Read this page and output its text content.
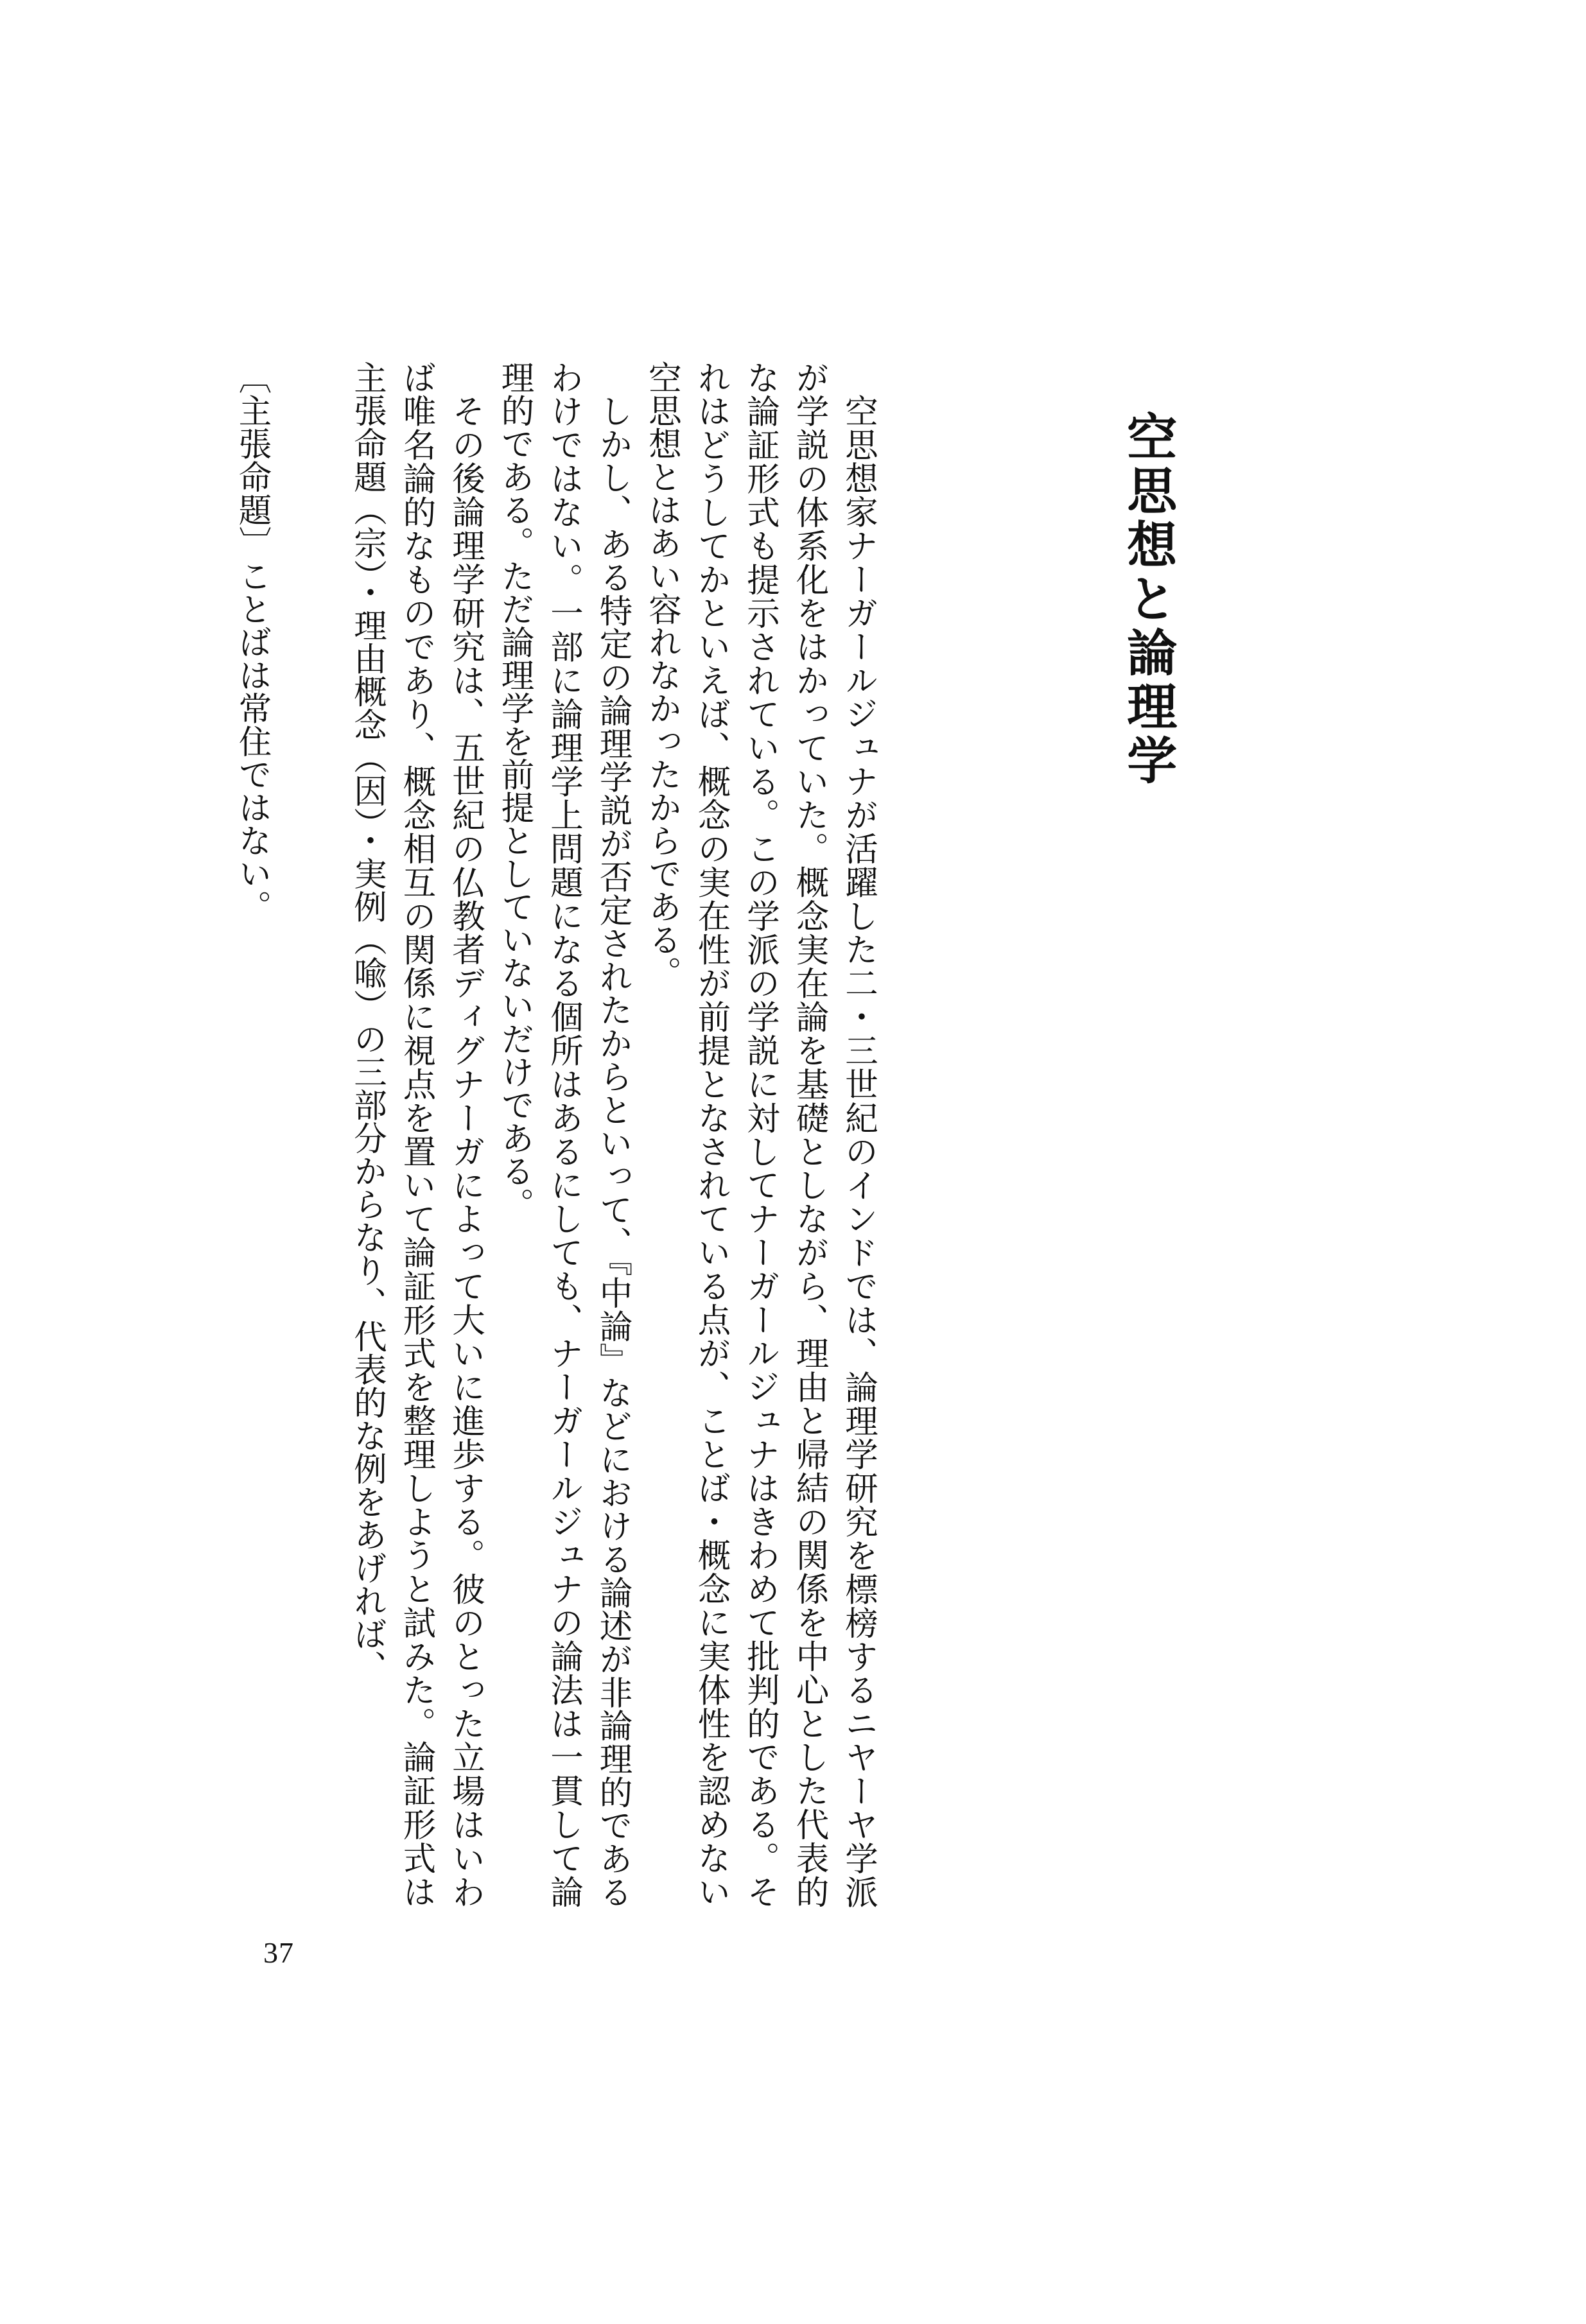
空思想と論理学

空思想家ナーガールジュナが活躍した二・三世紀のインドでは、論理学研究を標榜するニヤーヤ学派が学説の体系化をはかっていた。概念実在論を基礎としながら、理由と帰結の関係を中心とした代表的な論証形式も提示されている。この学派の学説に対してナーガールジュナはきわめて批判的である。それはどうしてかといえば、概念の実在性が前提となされている点が、ことば・概念に実体性を認めない空思想とはあい容れなかったからである。

しかし、ある特定の論理学説が否定されたからといって、『中論』などにおける論述が非論理的であるわけではない。一部に論理学上問題になる個所はあるにしても、ナーガールジュナの論法は一貫して論理的である。ただ論理学を前提としていないだけである。

その後論理学研究は、五世紀の仏教者ディグナーガによって大いに進歩する。彼のとった立場はいわば唯名論的なものであり、概念相互の関係に視点を置いて論証形式を整理しようと試みた。論証形式は主張命題（宗）・理由概念（因）・実例（喩）の三部分からなり、代表的な例をあげれば、

〔主張命題〕ことばは常住ではない。

37
